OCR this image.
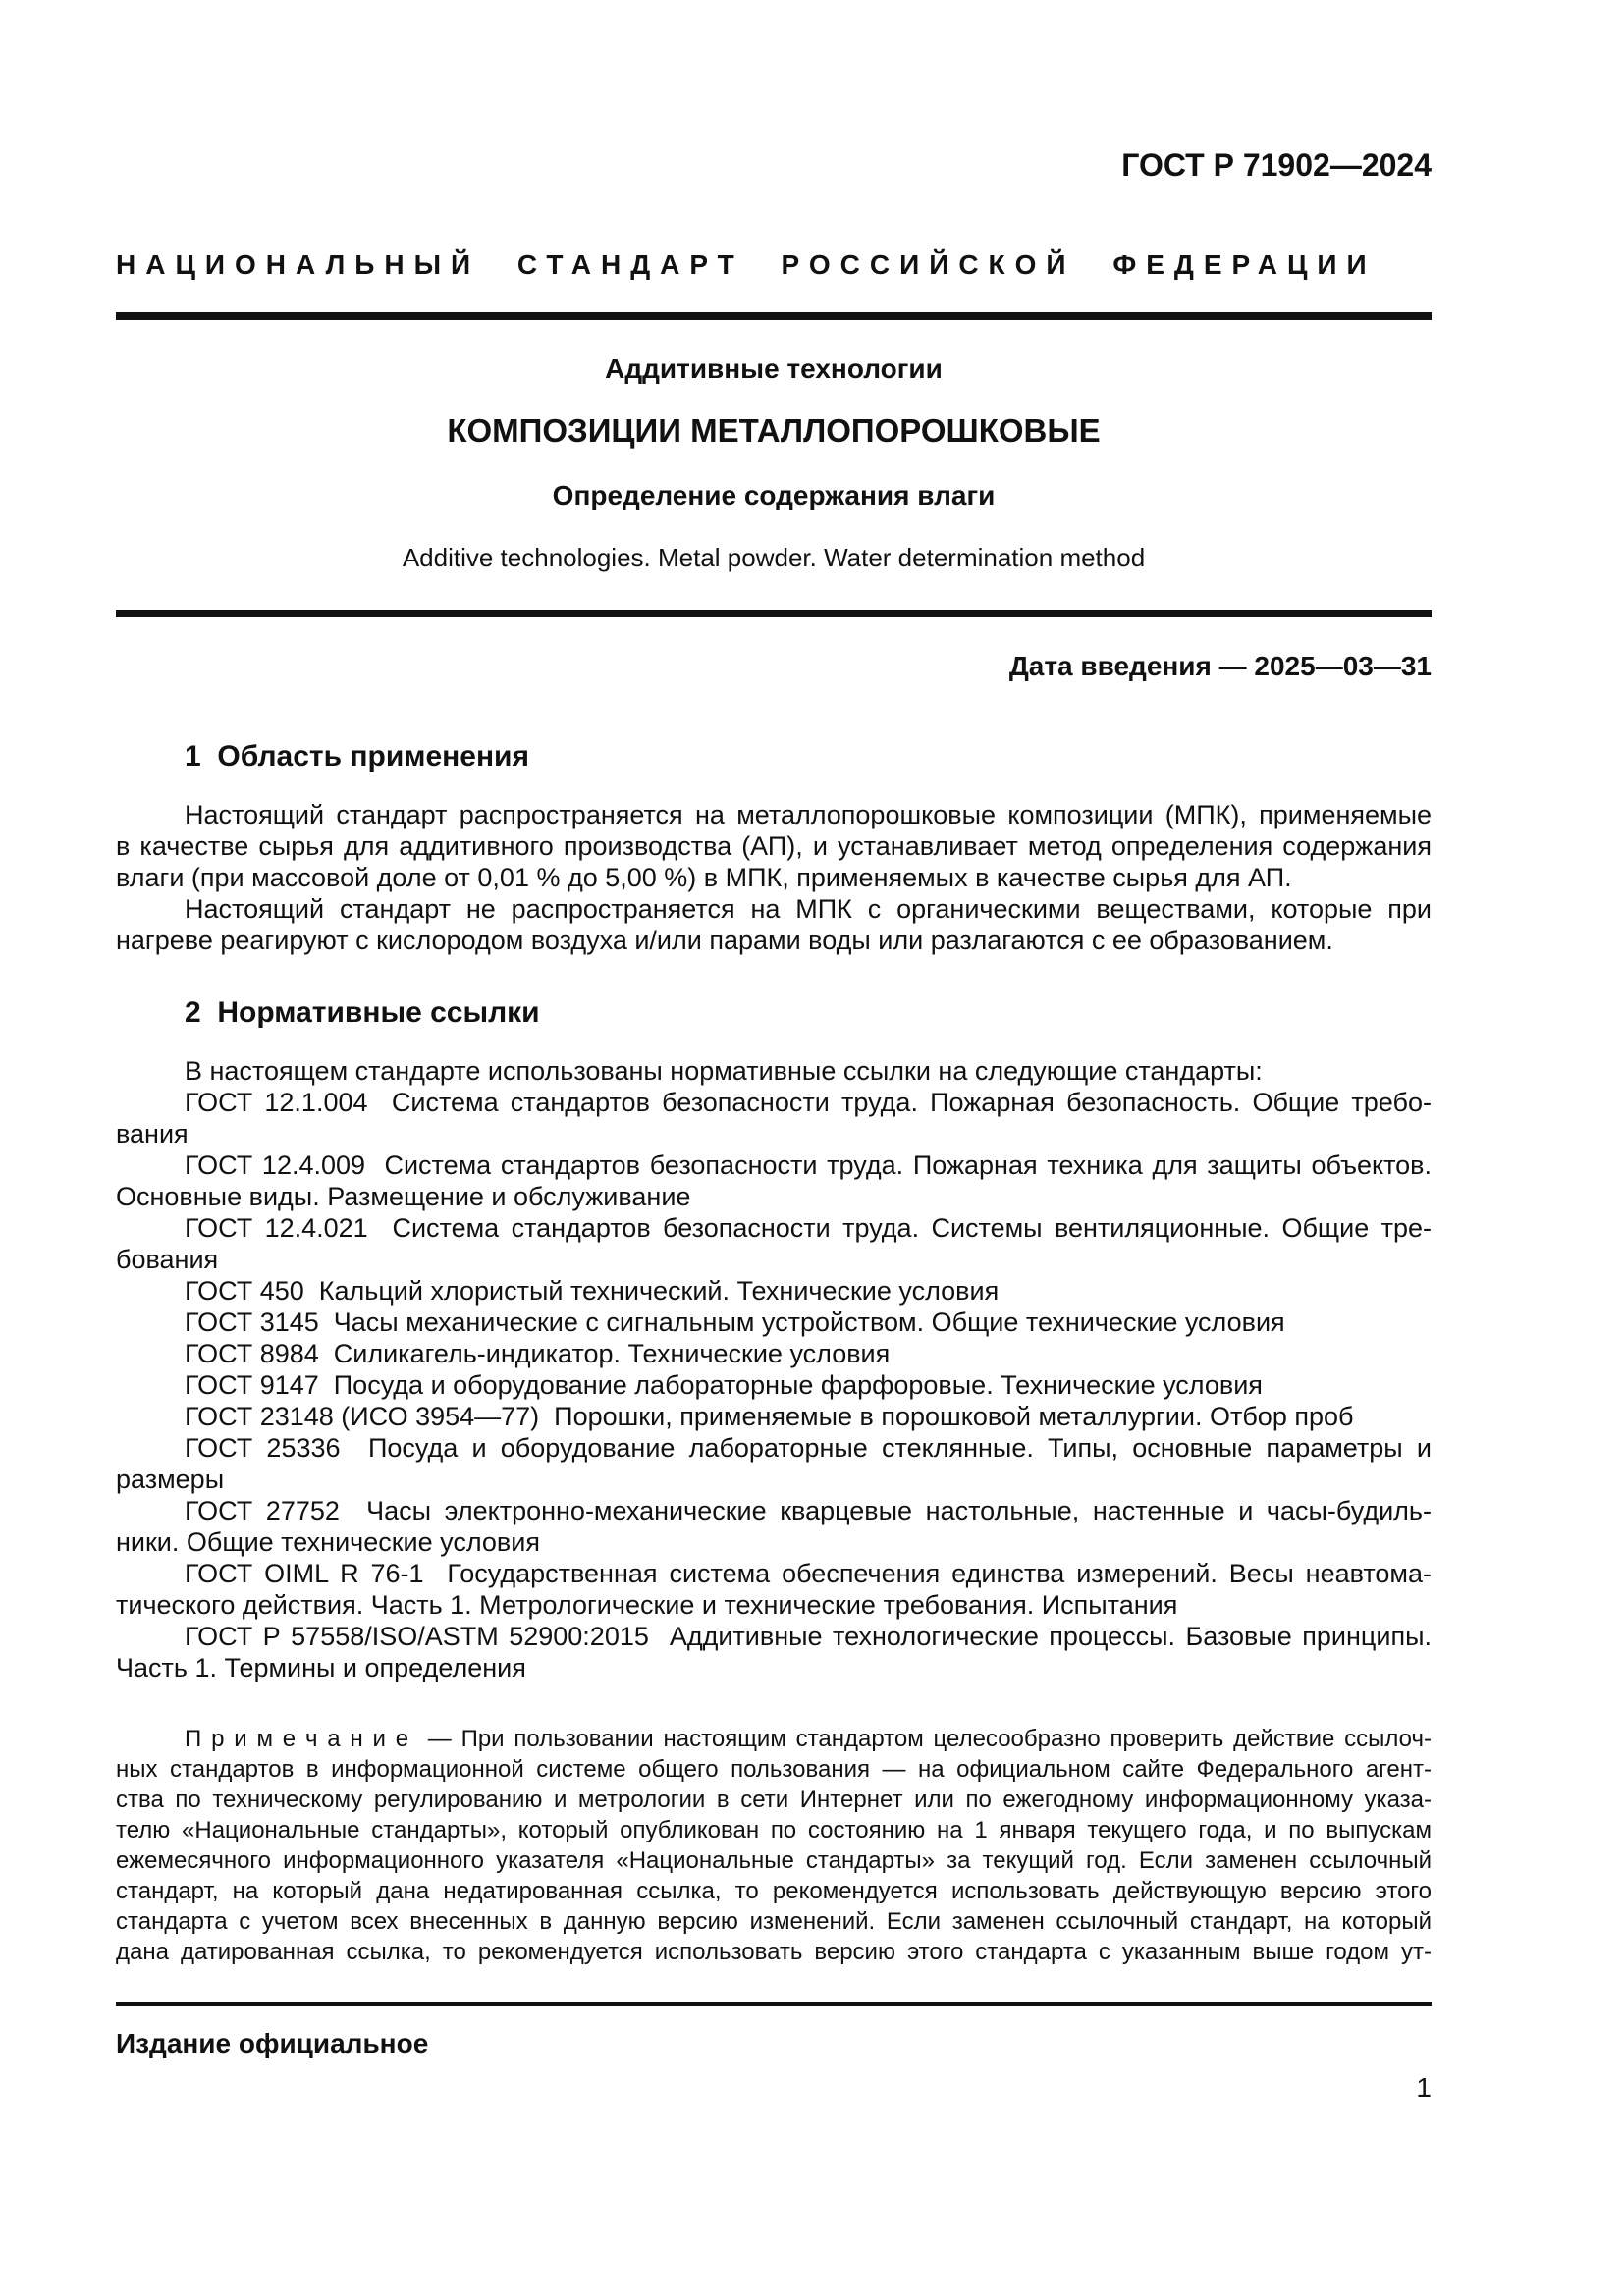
ГОСТ Р 71902—2024
НАЦИОНАЛЬНЫЙ СТАНДАРТ РОССИЙСКОЙ ФЕДЕРАЦИИ
Аддитивные технологии
КОМПОЗИЦИИ МЕТАЛЛОПОРОШКОВЫЕ
Определение содержания влаги
Additive technologies. Metal powder. Water determination method
Дата введения — 2025—03—31
1  Область применения
Настоящий стандарт распространяется на металлопорошковые композиции (МПК), применяемые
в качестве сырья для аддитивного производства (АП), и устанавливает метод определения содержания
влаги (при массовой доле от 0,01 % до 5,00 %) в МПК, применяемых в качестве сырья для АП.
Настоящий стандарт не распространяется на МПК с органическими веществами, которые при
нагреве реагируют с кислородом воздуха и/или парами воды или разлагаются с ее образованием.
2  Нормативные ссылки
В настоящем стандарте использованы нормативные ссылки на следующие стандарты:
ГОСТ 12.1.004  Система стандартов безопасности труда. Пожарная безопасность. Общие требо-
вания
ГОСТ 12.4.009  Система стандартов безопасности труда. Пожарная техника для защиты объектов.
Основные виды. Размещение и обслуживание
ГОСТ 12.4.021  Система стандартов безопасности труда. Системы вентиляционные. Общие тре-
бования
ГОСТ 450  Кальций хлористый технический. Технические условия
ГОСТ 3145  Часы механические с сигнальным устройством. Общие технические условия
ГОСТ 8984  Силикагель-индикатор. Технические условия
ГОСТ 9147  Посуда и оборудование лабораторные фарфоровые. Технические условия
ГОСТ 23148 (ИСО 3954—77)  Порошки, применяемые в порошковой металлургии. Отбор проб
ГОСТ 25336  Посуда и оборудование лабораторные стеклянные. Типы, основные параметры и
размеры
ГОСТ 27752  Часы электронно-механические кварцевые настольные, настенные и часы-будиль-
ники. Общие технические условия
ГОСТ OIML R 76-1  Государственная система обеспечения единства измерений. Весы неавтома-
тического действия. Часть 1. Метрологические и технические требования. Испытания
ГОСТ Р 57558/ISO/ASTM 52900:2015  Аддитивные технологические процессы. Базовые принципы.
Часть 1. Термины и определения
П р и м е ч а н и е  — При пользовании настоящим стандартом целесообразно проверить действие ссылоч-
ных стандартов в информационной системе общего пользования — на официальном сайте Федерального агент-
ства по техническому регулированию и метрологии в сети Интернет или по ежегодному информационному указа-
телю «Национальные стандарты», который опубликован по состоянию на 1 января текущего года, и по выпускам
ежемесячного информационного указателя «Национальные стандарты» за текущий год. Если заменен ссылочный
стандарт, на который дана недатированная ссылка, то рекомендуется использовать действующую версию этого
стандарта с учетом всех внесенных в данную версию изменений. Если заменен ссылочный стандарт, на который
дана датированная ссылка, то рекомендуется использовать версию этого стандарта с указанным выше годом ут-
Издание официальное
1
